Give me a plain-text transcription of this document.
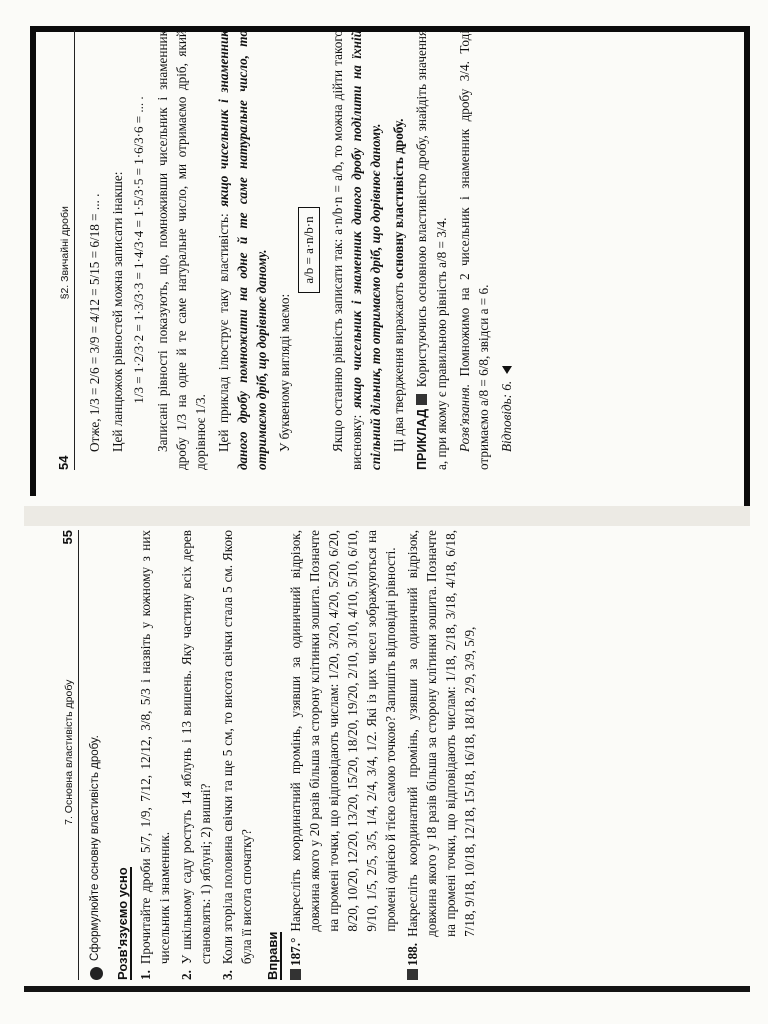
54
§2. Звичайні дроби Отже, 1/3 = 2/6 = 3/9 = 4/12 = 5/15 = 6/18 = ... . Цей ланцюжок рівностей можна записати інакше: 1/3 = 1·2/3·2 = 1·3/3·3 = 1·4/3·4 = 1·5/3·5 = 1·6/3·6 = ... . Записані рівності показують, що, помноживши чисельник і знаменник дробу 1/3 на одне й те саме натуральне число, ми отримаємо дріб, який дорівнює 1/3. Цей приклад ілюструє таку властивість: якщо чисельник і знаменник даного дробу помножити на одне й те саме натуральне число, то отримаємо дріб, що дорівнює даному. У буквеному вигляді маємо:

a/b = a·n/b·n	Якщо останню рівність записати так: a·n/b·n = a/b, то можна дійти такого висновку: якщо чисельник і знаменник даного дробу поділити на їхній спільний дільник, то отримаємо дріб, що дорівнює даному. Ці два твердження виражають основну властивість дробу.

ПРИКЛАД  Користуючись основною властивістю дробу, знайдіть значення a, при якому є правильною рівність a/8 = 3/4. Розв'язання. Помножимо на 2 чисельник і знаменник дробу 3/4. Тоді отримаємо a/8 = 6/8, звідси a = 6. Відповідь: 6.

7. Основна властивість дробу
55
Сформулюйте основну властивість дробу. Розв'язуємо усно 1.
Прочитайте дроби 5/7, 1/9, 7/12, 12/12, 3/8, 5/3 і назвіть у кожному з них чисельник і знаменник.
2.
У шкільному саду ростуть 14 яблунь і 13 вишень. Яку частину всіх дерев становлять: 1) яблуні; 2) вишні?
3.
Коли згоріла половина свічки та ще 5 см, то висота свічки стала 5 см. Якою була її висота спочатку? Вправи 187.°
Накресліть координатний промінь, узявши за одиничний відрізок, довжина якого у 20 разів більша за сторону клітинки зошита. Позначте на промені точки, що відповідають числам: 1/20, 3/20, 4/20, 5/20, 6/20, 8/20, 10/20, 12/20, 13/20, 15/20, 18/20, 19/20, 2/10, 3/10, 4/10, 5/10, 6/10, 9/10, 1/5, 2/5, 3/5, 1/4, 2/4, 3/4, 1/2. Які із цих чисел зображуються на промені однією й тією самою точкою? Запишіть відповідні рівності.
188.
Накресліть координатний промінь, узявши за одиничний відрізок, довжина якого у 18 разів більша за сторону клітинки зошита. Позначте на промені точки, що відповідають числам: 1/18, 2/18, 3/18, 4/18, 6/18, 7/18, 9/18, 10/18, 12/18, 15/18, 16/18, 18/18, 2/9, 3/9, 5/9,
